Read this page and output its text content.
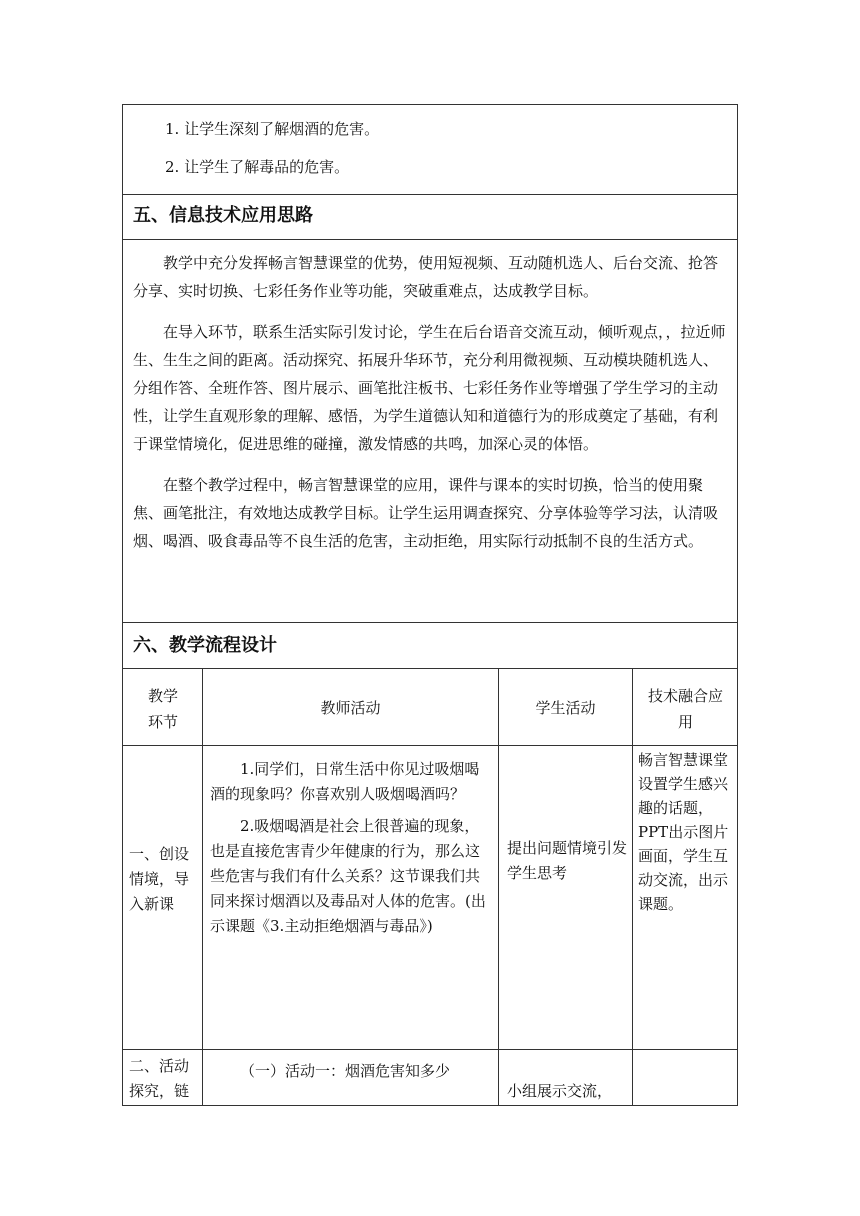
1. 让学生深刻了解烟酒的危害。
2. 让学生了解毒品的危害。
五、信息技术应用思路

教学中充分发挥畅言智慧课堂的优势，使用短视频、互动随机选人、后台交流、抢答分享、实时切换、七彩任务作业等功能，突破重难点，达成教学目标。

在导入环节，联系生活实际引发讨论，学生在后台语音交流互动，倾听观点，，拉近师生、生生之间的距离。活动探究、拓展升华环节，充分利用微视频、互动模块随机选人、分组作答、全班作答、图片展示、画笔批注板书、七彩任务作业等增强了学生学习的主动性，让学生直观形象的理解、感悟，为学生道德认知和道德行为的形成奠定了基础，有利于课堂情境化，促进思维的碰撞，激发情感的共鸣，加深心灵的体悟。

在整个教学过程中，畅言智慧课堂的应用，课件与课本的实时切换，恰当的使用聚焦、画笔批注，有效地达成教学目标。让学生运用调查探究、分享体验等学习法，认清吸烟、喝酒、吸食毒品等不良生活的危害，主动拒绝，用实际行动抵制不良的生活方式。

六、教学流程设计
教学环节
教师活动	学生活动
技术融合应用
一、创设情境，导入新课
1.同学们，日常生活中你见过吸烟喝酒的现象吗？你喜欢别人吸烟喝酒吗？
2.吸烟喝酒是社会上很普遍的现象，也是直接危害青少年健康的行为，那么这些危害与我们有什么关系？这节课我们共同来探讨烟酒以及毒品对人体的危害。(出示课题《3.主动拒绝烟酒与毒品》)
提出问题情境引发学生思考
畅言智慧课堂设置学生感兴趣的话题，PPT出示图片画面，学生互动交流，出示课题。
二、活动探究，链
（一）活动一：烟酒危害知多少
小组展示交流，
